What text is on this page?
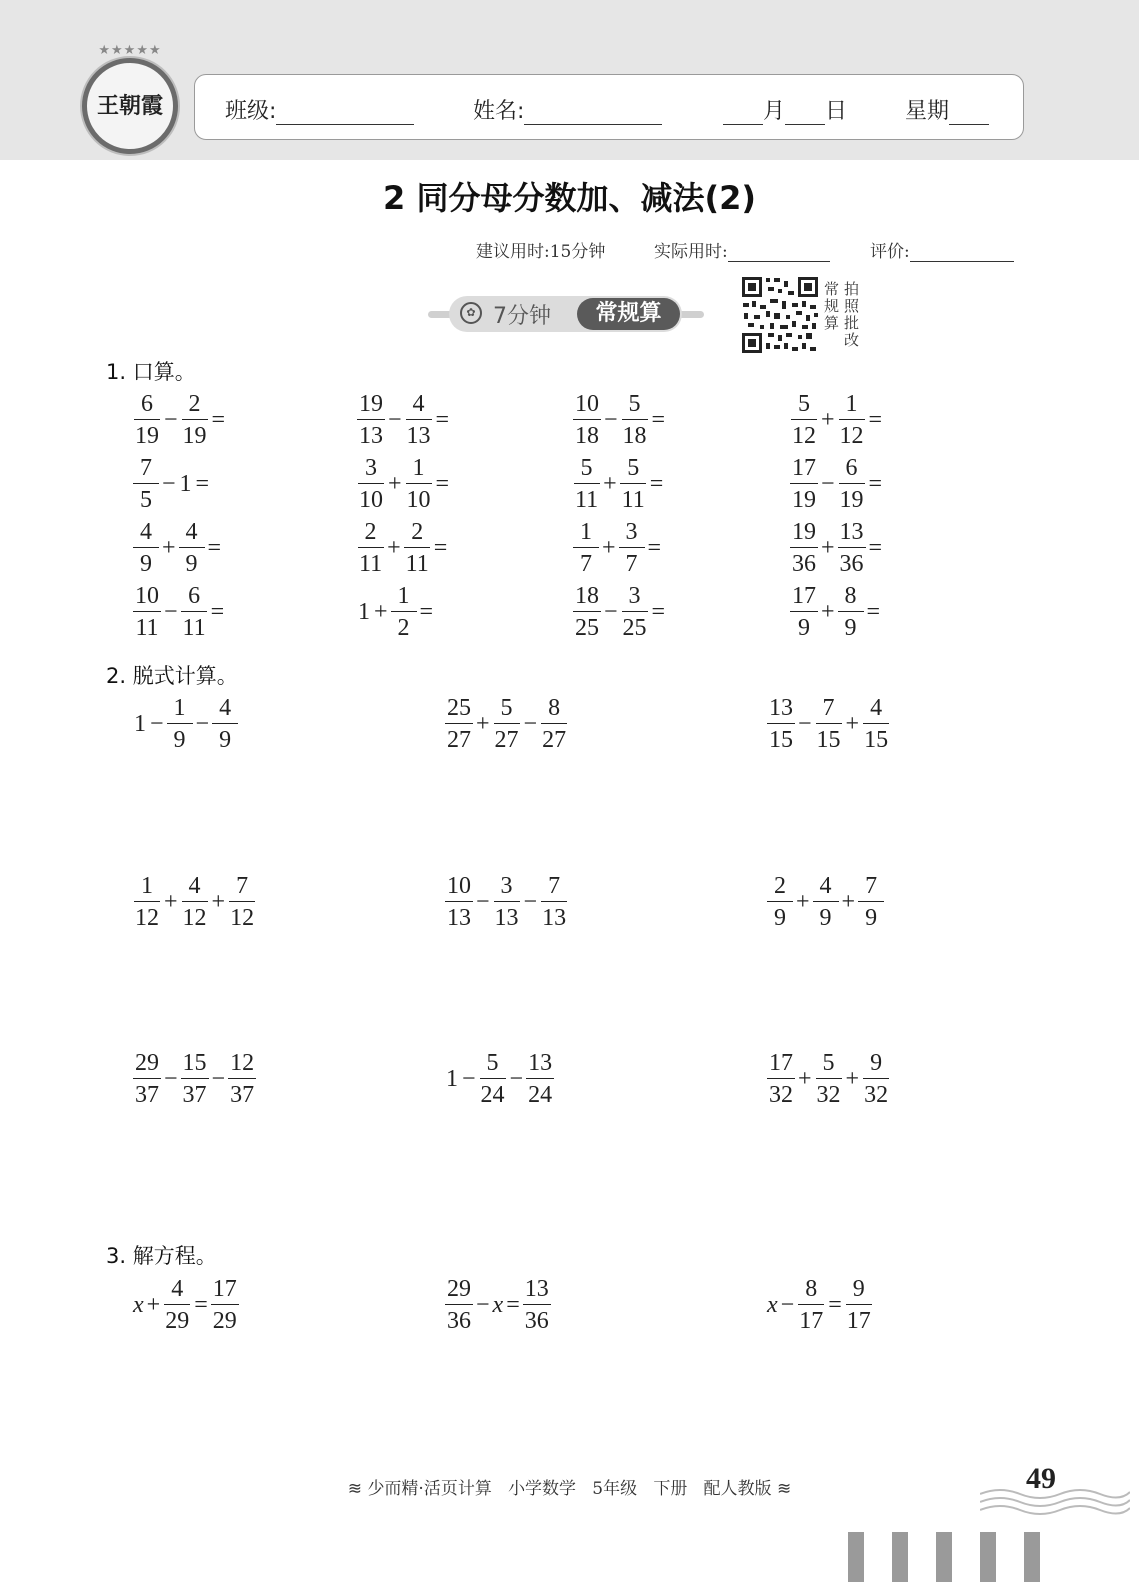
★★★★★
王朝霞	班级:	姓名:	月 日	星期
2 同分母分数加、减法(2)
建议用时:15分钟	实际用时:	评价:
✿ 7分钟	常规算
常规算
拍照批改
1. 口算。
2. 脱式计算。
3. 解方程。
$\frac{6}{19} - \frac{2}{19}$ =	$\frac{19}{13} - \frac{4}{13}$ =	$\frac{10}{18} - \frac{5}{18}$ =	$\frac{5}{12} + \frac{1}{12}$ =
$\frac{7}{5} - 1$ =	$\frac{3}{10} + \frac{1}{10}$ =	$\frac{5}{11} + \frac{5}{11}$ =	$\frac{17}{19} - \frac{6}{19}$ =
$\frac{4}{9} + \frac{4}{9}$ =	$\frac{2}{11} + \frac{2}{11}$ =	$\frac{1}{7} + \frac{3}{7}$ =	$\frac{19}{36} + \frac{13}{36}$ =
$\frac{10}{11} - \frac{6}{11}$ =	$1 + \frac{1}{2}$ =	$\frac{18}{25} - \frac{3}{25}$ =	$\frac{17}{9} + \frac{8}{9}$ =
$1 - \frac{1}{9} - \frac{4}{9}$	$\frac{25}{27} + \frac{5}{27} - \frac{8}{27}$	$\frac{13}{15} - \frac{7}{15} + \frac{4}{15}$
$\frac{1}{12} + \frac{4}{12} + \frac{7}{12}$	$\frac{10}{13} - \frac{3}{13} - \frac{7}{13}$	$\frac{2}{9} + \frac{4}{9} + \frac{7}{9}$
$\frac{29}{37} - \frac{15}{37} - \frac{12}{37}$	$1 - \frac{5}{24} - \frac{13}{24}$	$\frac{17}{32} + \frac{5}{32} + \frac{9}{32}$
$x + \frac{4}{29} = \frac{17}{29}$	$\frac{29}{36} - x = \frac{13}{36}$	$x - \frac{8}{17} = \frac{9}{17}$
≋ 少而精·活页计算 小学数学 5年级 下册 配人教版 ≋	49
